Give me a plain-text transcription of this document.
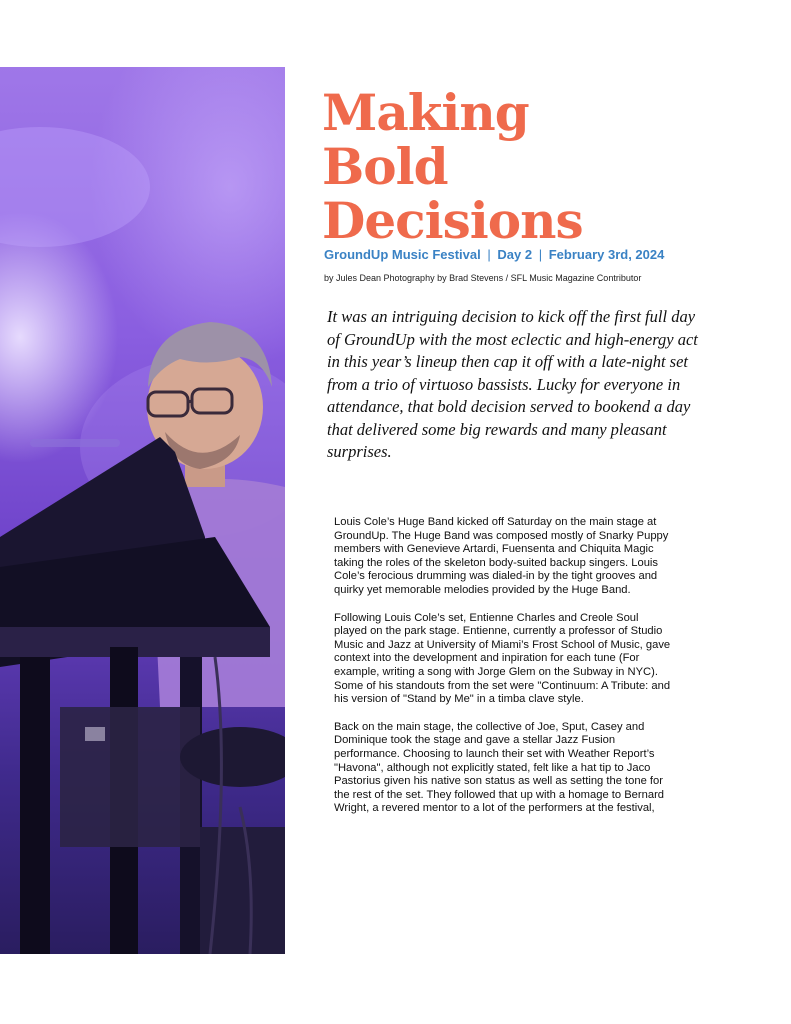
Making
Bold
Decisions
GroundUp Music Festival | Day 2 | February 3rd, 2024
by Jules Dean Photography by Brad Stevens / SFL Music Magazine Contributor

It was an intriguing decision to kick off the first full day of GroundUp with the most eclectic and high-energy act in this year’s lineup then cap it off with a late-night set from a trio of virtuoso bassists. Lucky for everyone in attendance, that bold decision served to bookend a day that delivered some big rewards and many pleasant surprises.

Louis Cole’s Huge Band kicked off Saturday on the main stage at GroundUp. The Huge Band was composed mostly of Snarky Puppy members with Genevieve Artardi, Fuensenta and Chiquita Magic taking the roles of the skeleton body-suited backup singers. Louis Cole’s ferocious drumming was dialed-in by the tight grooves and quirky yet memorable melodies provided by the Huge Band.

Following Louis Cole’s set, Entienne Charles and Creole Soul played on the park stage. Entienne, currently a professor of Studio Music and Jazz at University of Miami’s Frost School of Music, gave context into the development and inpiration for each tune (For example, writing a song with Jorge Glem on the Subway in NYC). Some of his standouts from the set were "Continuum: A Tribute: and his version of "Stand by Me" in a timba clave style.

Back on the main stage, the collective of Joe, Sput, Casey and Dominique took the stage and gave a stellar Jazz Fusion performance. Choosing to launch their set with Weather Report’s "Havona", although not explicitly stated, felt like a hat tip to Jaco Pastorius given his native son status as well as setting the tone for the rest of the set. They followed that up with a homage to Bernard Wright, a revered mentor to a lot of the performers at the festival,
